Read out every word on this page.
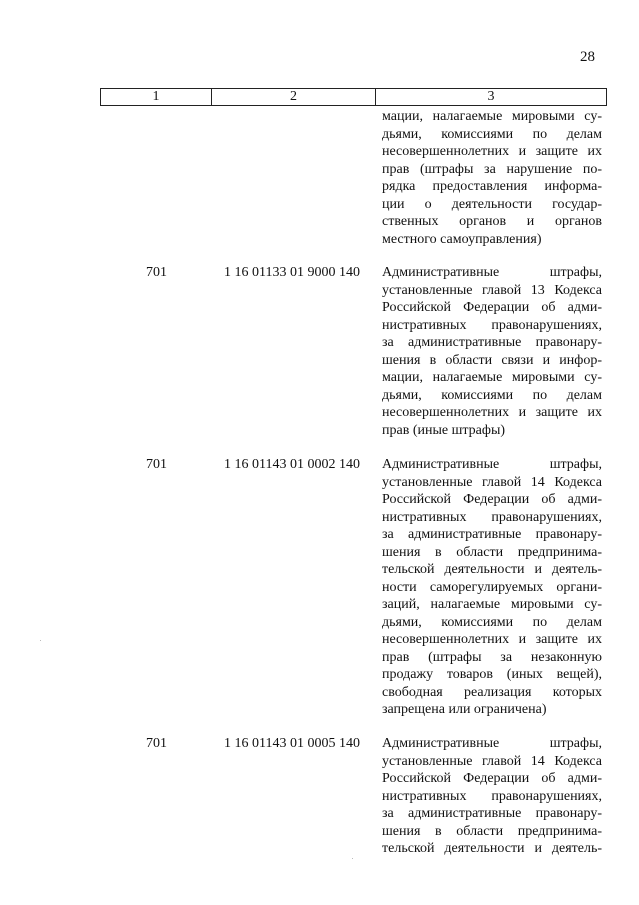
28
1	2	3
мации, налагаемые мировыми су-
дьями, комиссиями по делам
несовершеннолетних и защите их
прав (штрафы за нарушение по-
рядка предоставления информа-
ции о деятельности государ-
ственных органов и органов
местного самоуправления)
701	1 16 01133 01 9000 140 Административные штрафы,
установленные главой 13 Кодекса
Российской Федерации об адми-
нистративных правонарушениях,
за административные правонару-
шения в области связи и инфор-
мации, налагаемые мировыми су-
дьями, комиссиями по делам
несовершеннолетних и защите их
прав (иные штрафы)
701	1 16 01143 01 0002 140 Административные штрафы,
установленные главой 14 Кодекса
Российской Федерации об адми-
нистративных правонарушениях,
за административные правонару-
шения в области предпринима-
тельской деятельности и деятель-
ности саморегулируемых органи-
заций, налагаемые мировыми су-
дьями, комиссиями по делам
несовершеннолетних и защите их
прав (штрафы за незаконную
продажу товаров (иных вещей),
свободная реализация которых
запрещена или ограничена)
701	1 16 01143 01 0005 140 Административные штрафы,
установленные главой 14 Кодекса
Российской Федерации об адми-
нистративных правонарушениях,
за административные правонару-
шения в области предпринима-
тельской деятельности и деятель-
